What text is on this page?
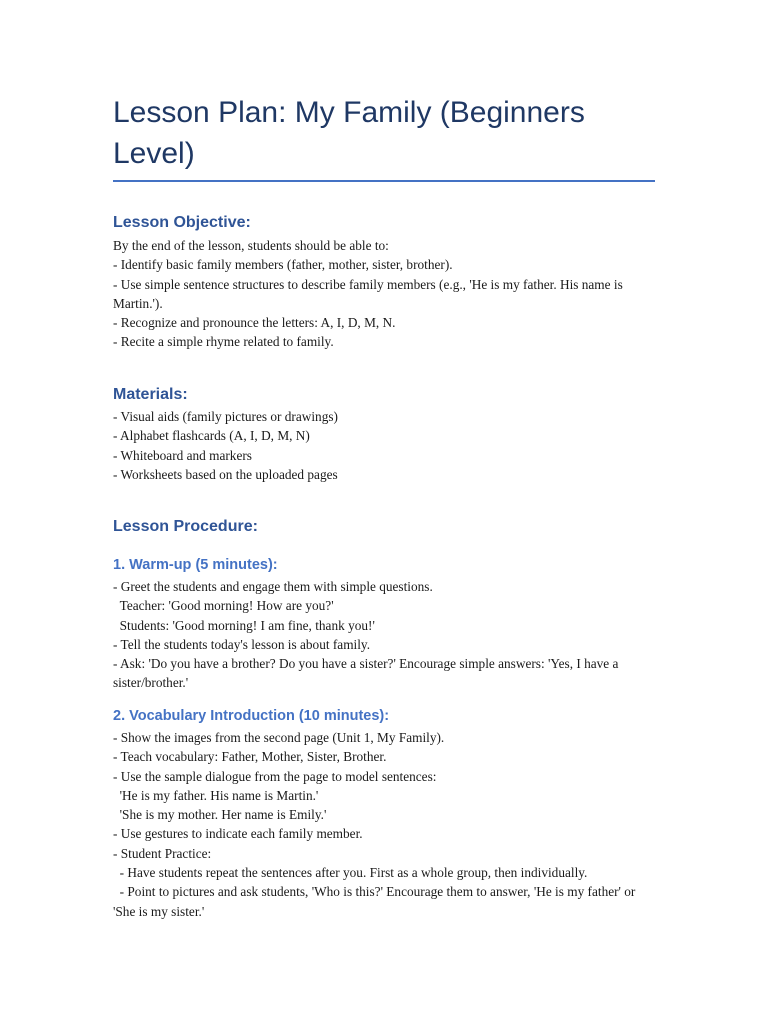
Lesson Plan: My Family (Beginners Level)
Lesson Objective:
By the end of the lesson, students should be able to:
- Identify basic family members (father, mother, sister, brother).
- Use simple sentence structures to describe family members (e.g., 'He is my father. His name is Martin.').
- Recognize and pronounce the letters: A, I, D, M, N.
- Recite a simple rhyme related to family.
Materials:
- Visual aids (family pictures or drawings)
- Alphabet flashcards (A, I, D, M, N)
- Whiteboard and markers
- Worksheets based on the uploaded pages
Lesson Procedure:
1. Warm-up (5 minutes):
- Greet the students and engage them with simple questions.
Teacher: 'Good morning! How are you?'
Students: 'Good morning! I am fine, thank you!'
- Tell the students today's lesson is about family.
- Ask: 'Do you have a brother? Do you have a sister?' Encourage simple answers: 'Yes, I have a sister/brother.'
2. Vocabulary Introduction (10 minutes):
- Show the images from the second page (Unit 1, My Family).
- Teach vocabulary: Father, Mother, Sister, Brother.
- Use the sample dialogue from the page to model sentences:
'He is my father. His name is Martin.'
'She is my mother. Her name is Emily.'
- Use gestures to indicate each family member.
- Student Practice:
- Have students repeat the sentences after you. First as a whole group, then individually.
- Point to pictures and ask students, 'Who is this?' Encourage them to answer, 'He is my father' or 'She is my sister.'
